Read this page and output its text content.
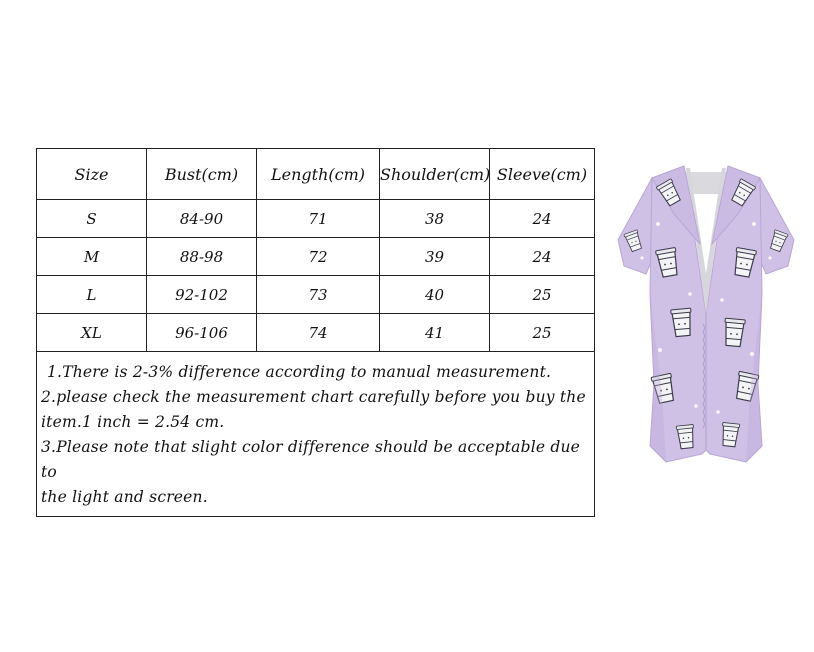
Size	Bust(cm)	Length(cm)	Shoulder(cm)	Sleeve(cm)
S	84-90	71	38	24
M	88-98	72	39	24
L	92-102	73	40	25
XL	96-106	74	41	25

1.There is 2-3% difference according to manual measurement.
2.please check the measurement chart carefully before you buy the
item.1 inch = 2.54 cm.
3.Please note that slight color difference should be acceptable due to
the light and screen.				
